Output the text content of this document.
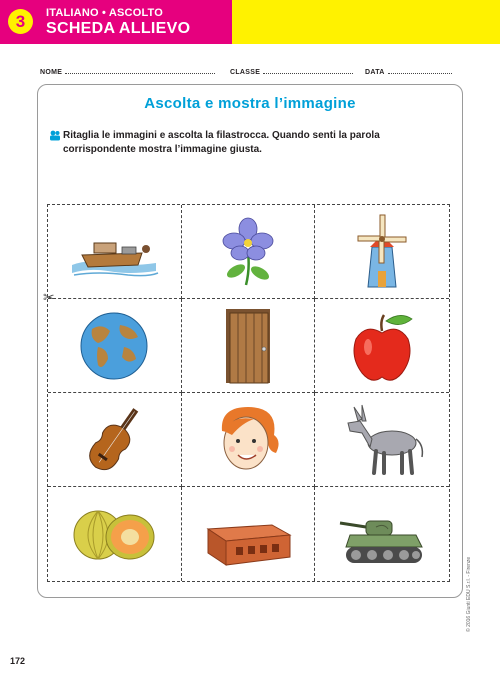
3	ITALIANO • ASCOLTO
SCHEDA ALLIEVO
NOME	CLASSE	DATA
Ascolta e mostra l’immagine
Ritaglia le immagini e ascolta la filastrocca. Quando senti la parola corrispondente mostra l’immagine giusta.
✂
© 2016 Giunti EDU S.r.l. - Firenze
172
